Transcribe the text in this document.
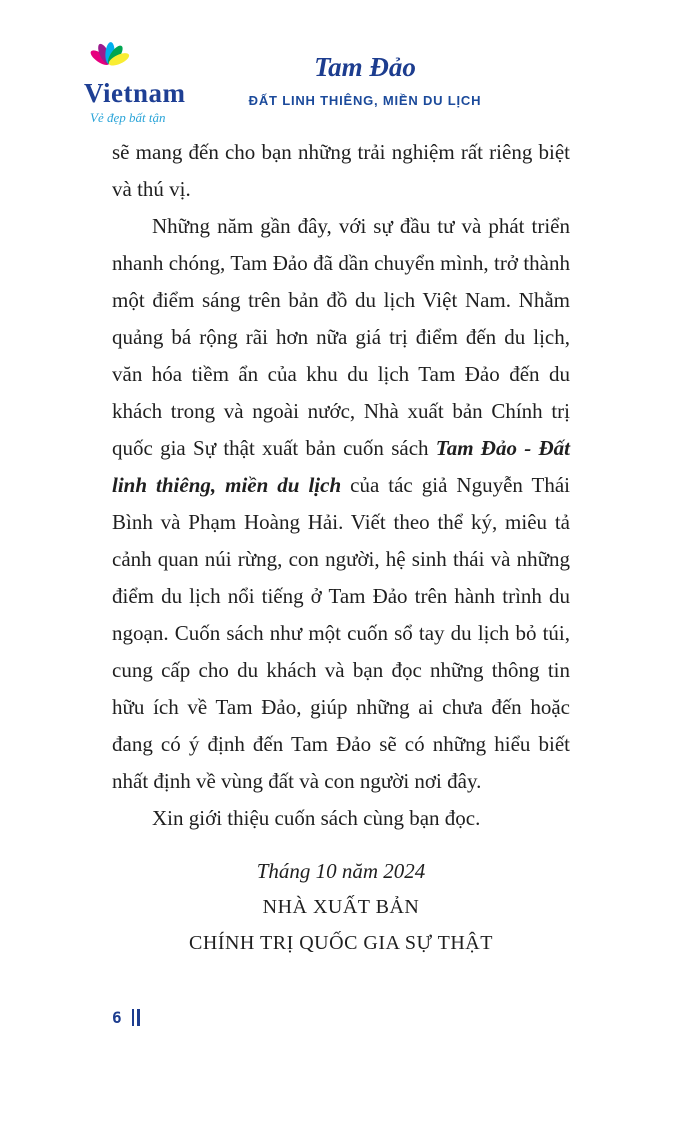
Vietnam
Vẻ đẹp bất tận
Tam Đảo
ĐẤT LINH THIÊNG, MIỀN DU LỊCH

sẽ mang đến cho bạn những trải nghiệm rất riêng biệt và thú vị.

Những năm gần đây, với sự đầu tư và phát triển nhanh chóng, Tam Đảo đã dần chuyển mình, trở thành một điểm sáng trên bản đồ du lịch Việt Nam. Nhằm quảng bá rộng rãi hơn nữa giá trị điểm đến du lịch, văn hóa tiềm ẩn của khu du lịch Tam Đảo đến du khách trong và ngoài nước, Nhà xuất bản Chính trị quốc gia Sự thật xuất bản cuốn sách Tam Đảo - Đất linh thiêng, miền du lịch của tác giả Nguyễn Thái Bình và Phạm Hoàng Hải. Viết theo thể ký, miêu tả cảnh quan núi rừng, con người, hệ sinh thái và những điểm du lịch nổi tiếng ở Tam Đảo trên hành trình du ngoạn. Cuốn sách như một cuốn sổ tay du lịch bỏ túi, cung cấp cho du khách và bạn đọc những thông tin hữu ích về Tam Đảo, giúp những ai chưa đến hoặc đang có ý định đến Tam Đảo sẽ có những hiểu biết nhất định về vùng đất và con người nơi đây.

Xin giới thiệu cuốn sách cùng bạn đọc.

Tháng 10 năm 2024
NHÀ XUẤT BẢN
CHÍNH TRỊ QUỐC GIA SỰ THẬT
6
